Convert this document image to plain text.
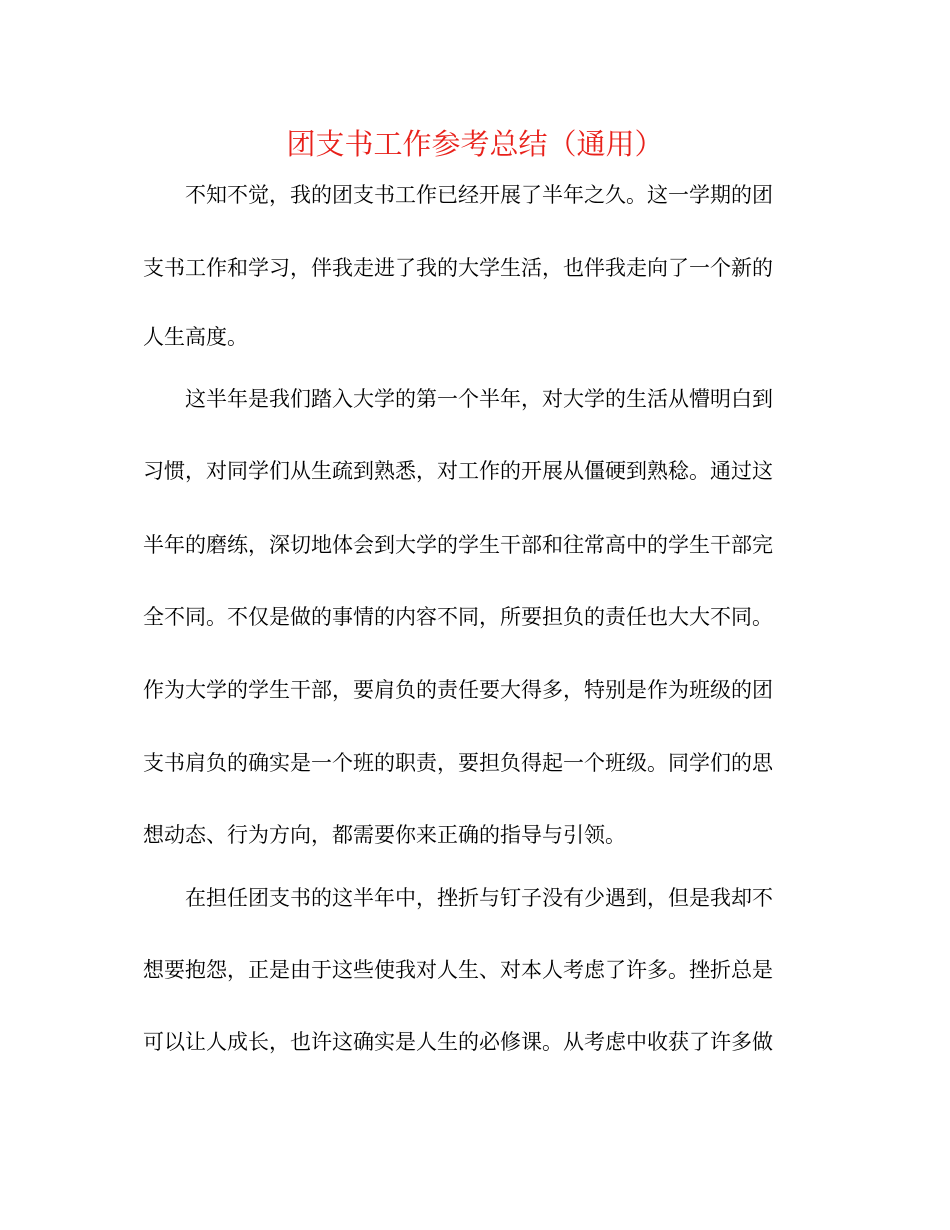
团支书工作参考总结（通用）
不知不觉，我的团支书工作已经开展了半年之久。这一学期的团
支书工作和学习，伴我走进了我的大学生活，也伴我走向了一个新的
人生高度。
这半年是我们踏入大学的第一个半年，对大学的生活从懵明白到
习惯，对同学们从生疏到熟悉，对工作的开展从僵硬到熟稔。通过这
半年的磨练，深切地体会到大学的学生干部和往常高中的学生干部完
全不同。不仅是做的事情的内容不同，所要担负的责任也大大不同。
作为大学的学生干部，要肩负的责任要大得多，特别是作为班级的团
支书肩负的确实是一个班的职责，要担负得起一个班级。同学们的思
想动态、行为方向，都需要你来正确的指导与引领。
在担任团支书的这半年中，挫折与钉子没有少遇到，但是我却不
想要抱怨，正是由于这些使我对人生、对本人考虑了许多。挫折总是
可以让人成长，也许这确实是人生的必修课。从考虑中收获了许多做
